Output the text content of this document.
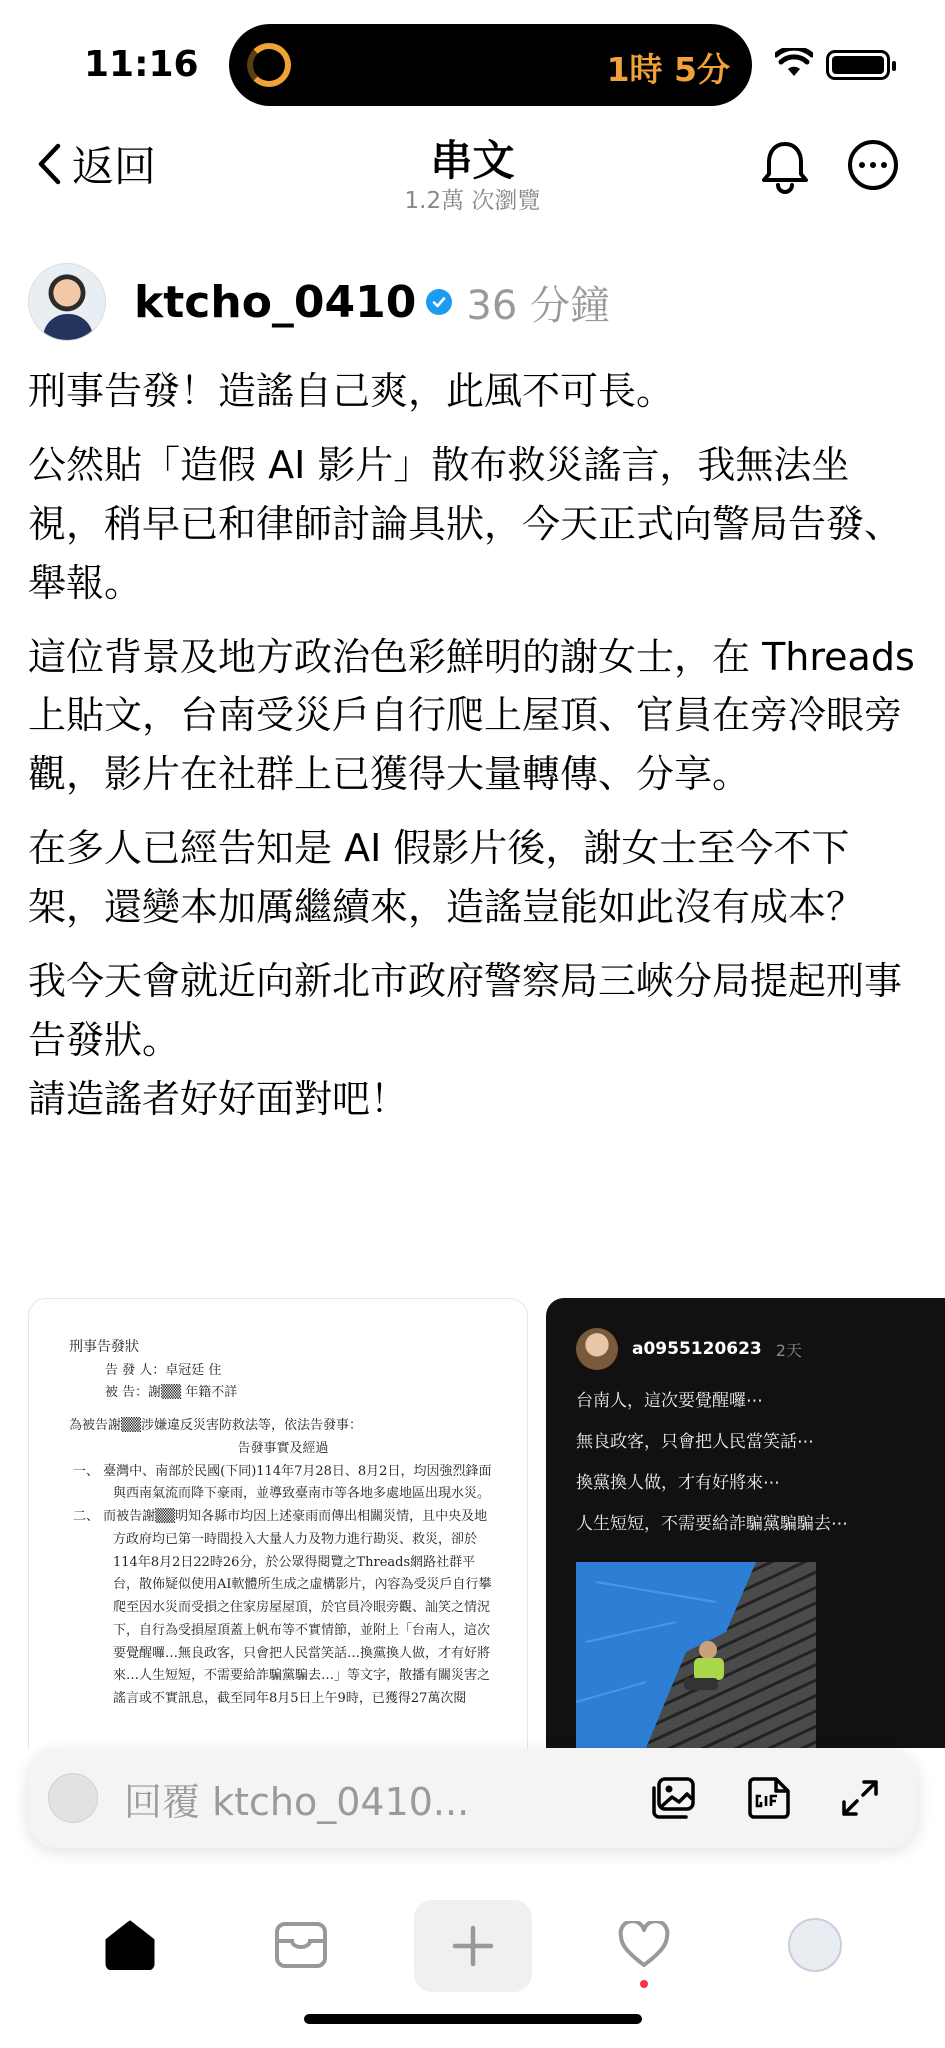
11:16	1時 5分
返回	串文
1.2萬 次瀏覽
ktcho_0410 36 分鐘

刑事告發！造謠自己爽，此風不可長。

公然貼「造假 AI 影片」散布救災謠言，我無法坐視，稍早已和律師討論具狀，今天正式向警局告發、舉報。

這位背景及地方政治色彩鮮明的謝女士，在 Threads 上貼文，台南受災戶自行爬上屋頂、官員在旁冷眼旁觀，影片在社群上已獲得大量轉傳、分享。

在多人已經告知是 AI 假影片後，謝女士至今不下架，還變本加厲繼續來，造謠豈能如此沒有成本？

我今天會就近向新北市政府警察局三峽分局提起刑事告發狀。
請造謠者好好面對吧！

刑事告發狀
告 發 人：卓冠廷 住
被 告：謝▒▒ 年籍不詳
為被告謝▒▒涉嫌違反災害防救法等，依法告發事：
告發事實及經過
一、 臺灣中、南部於民國(下同)114年7月28日、8月2日，均因強烈鋒面與西南氣流而降下豪雨，並導致臺南市等各地多處地區出現水災。
二、 而被告謝▒▒明知各縣市均因上述豪雨而傳出相關災情，且中央及地方政府均已第一時間投入大量人力及物力進行勘災、救災，卻於114年8月2日22時26分，於公眾得閱覽之Threads網路社群平台，散佈疑似使用AI軟體所生成之虛構影片，內容為受災戶自行攀爬至因水災而受損之住家房屋屋頂，於官員冷眼旁觀、訕笑之情況下，自行為受損屋頂蓋上帆布等不實情節，並附上「台南人，這次要覺醒囉…無良政客，只會把人民當笑話…換黨換人做，才有好將來…人生短短，不需要給詐騙黨騙去…」等文字，散播有關災害之謠言或不實訊息，截至同年8月5日上午9時，已獲得27萬次閱
a0955120623 2天
台南人，這次要覺醒囉⋯
無良政客，只會把人民當笑話⋯
換黨換人做，才有好將來⋯
人生短短，不需要給詐騙黨騙騙去⋯
回覆 ktcho_0410...
